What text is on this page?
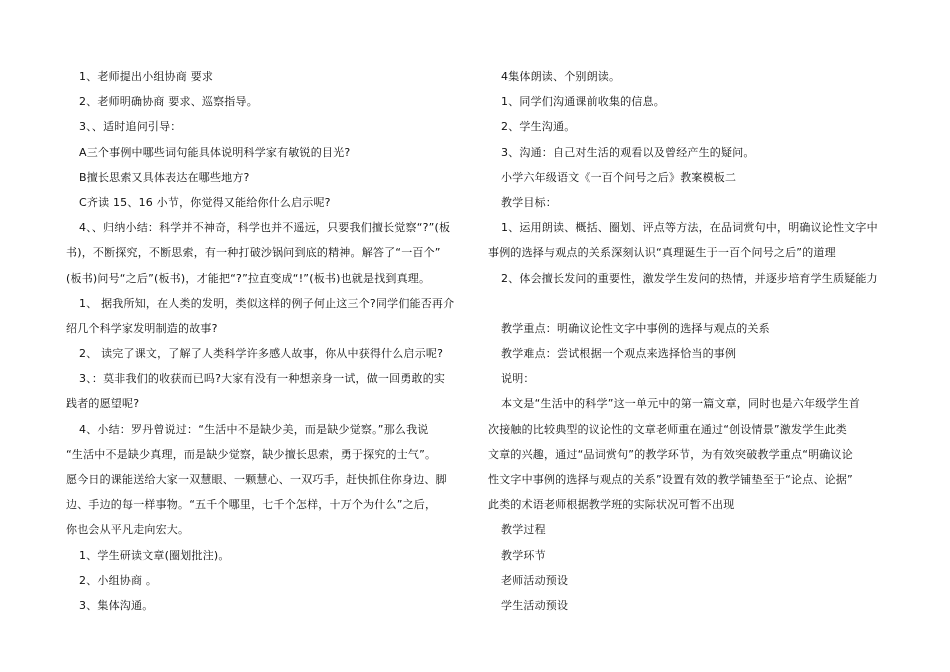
1、老师提出小组协商 要求
2、老师明确协商 要求、巡察指导。
3、、适时追问引导：
A三个事例中哪些词句能具体说明科学家有敏锐的目光?
B擅长思索又具体表达在哪些地方?
C齐读 15、16 小节，你觉得又能给你什么启示呢?
4、、归纳小结：科学并不神奇，科学也并不遥远，只要我们擅长觉察“?”(板
书)，不断探究，不断思索，有一种打破沙锅问到底的精神。解答了“一百个”
(板书)问号“之后”(板书)，才能把“?”拉直变成“!”(板书)也就是找到真理。
1、 据我所知，在人类的发明，类似这样的例子何止这三个?同学们能否再介
绍几个科学家发明制造的故事?
2、 读完了课文，了解了人类科学许多感人故事，你从中获得什么启示呢?
3、：莫非我们的收获而已吗?大家有没有一种想亲身一试，做一回勇敢的实
践者的愿望呢?
4、小结：罗丹曾说过：“生活中不是缺少美，而是缺少觉察。”那么我说
“生活中不是缺少真理，而是缺少觉察，缺少擅长思索，勇于探究的士气”。
愿今日的课能送给大家一双慧眼、一颗慧心、一双巧手，赶快抓住你身边、脚
边、手边的每一样事物。“五千个哪里，七千个怎样，十万个为什么”之后，
你也会从平凡走向宏大。
1、学生研读文章(圈划批注)。
2、小组协商 。
3、集体沟通。
4集体朗读、个别朗读。
1、同学们沟通课前收集的信息。
2、学生沟通。
3、沟通：自己对生活的观看以及曾经产生的疑问。
小学六年级语文《一百个问号之后》教案模板二
教学目标：
1、运用朗读、概括、圈划、评点等方法，在品词赏句中，明确议论性文字中
事例的选择与观点的关系深刻认识“真理诞生于一百个问号之后”的道理
2、体会擅长发问的重要性，激发学生发问的热情，并逐步培育学生质疑能力
教学重点：明确议论性文字中事例的选择与观点的关系
教学难点：尝试根据一个观点来选择恰当的事例
说明：
本文是“生活中的科学”这一单元中的第一篇文章，同时也是六年级学生首
次接触的比较典型的议论性的文章老师重在通过“创设情景”激发学生此类
文章的兴趣，通过“品词赏句”的教学环节，为有效突破教学重点“明确议论
性文字中事例的选择与观点的关系”设置有效的教学铺垫至于“论点、论据”
此类的术语老师根据教学班的实际状况可暂不出现
教学过程
教学环节
老师活动预设
学生活动预设
